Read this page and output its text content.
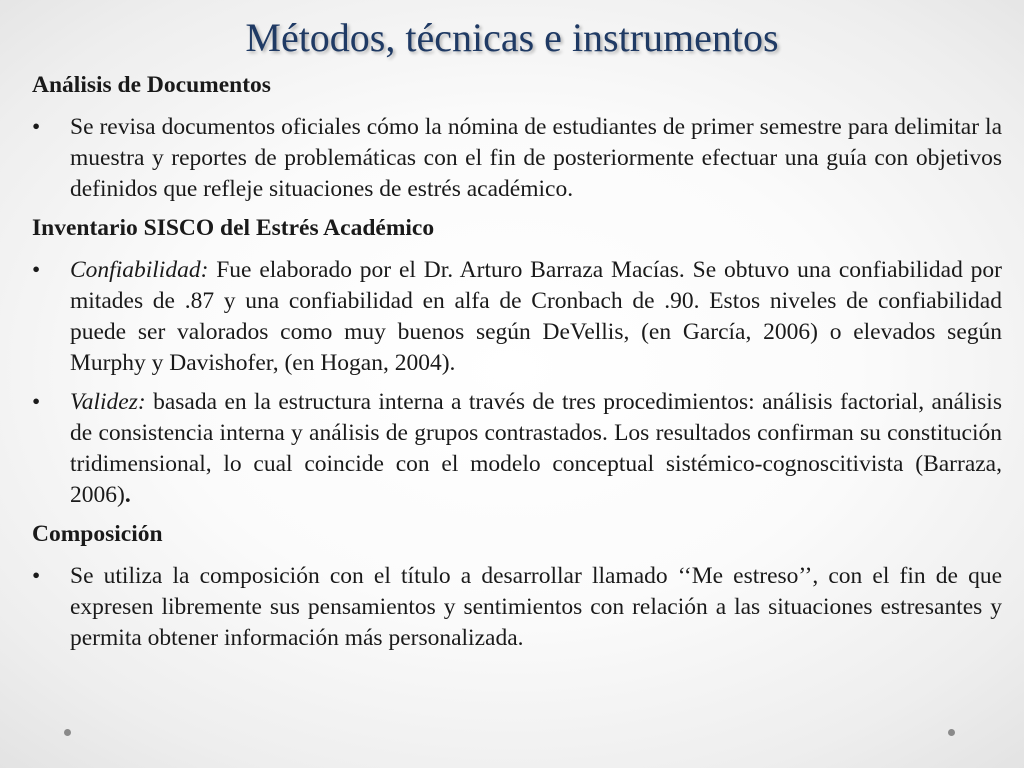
Métodos, técnicas e instrumentos
Análisis de Documentos
• Se revisa documentos oficiales cómo la nómina de estudiantes de primer semestre para delimitar la muestra y reportes de problemáticas con el fin de posteriormente efectuar una guía con objetivos definidos que refleje situaciones de estrés académico.
Inventario SISCO del Estrés Académico
• Confiabilidad: Fue elaborado por el Dr. Arturo Barraza Macías. Se obtuvo una confiabilidad por mitades de .87 y una confiabilidad en alfa de Cronbach de .90. Estos niveles de confiabilidad puede ser valorados como muy buenos según DeVellis, (en García, 2006) o elevados según Murphy y Davishofer, (en Hogan, 2004).
• Validez: basada en la estructura interna a través de tres procedimientos: análisis factorial, análisis de consistencia interna y análisis de grupos contrastados. Los resultados confirman su constitución tridimensional, lo cual coincide con el modelo conceptual sistémico-cognoscitivista (Barraza, 2006).
Composición
• Se utiliza la composición con el título a desarrollar llamado ‘‘Me estreso’’, con el fin de que expresen libremente sus pensamientos y sentimientos con relación a las situaciones estresantes y permita obtener información más personalizada.
